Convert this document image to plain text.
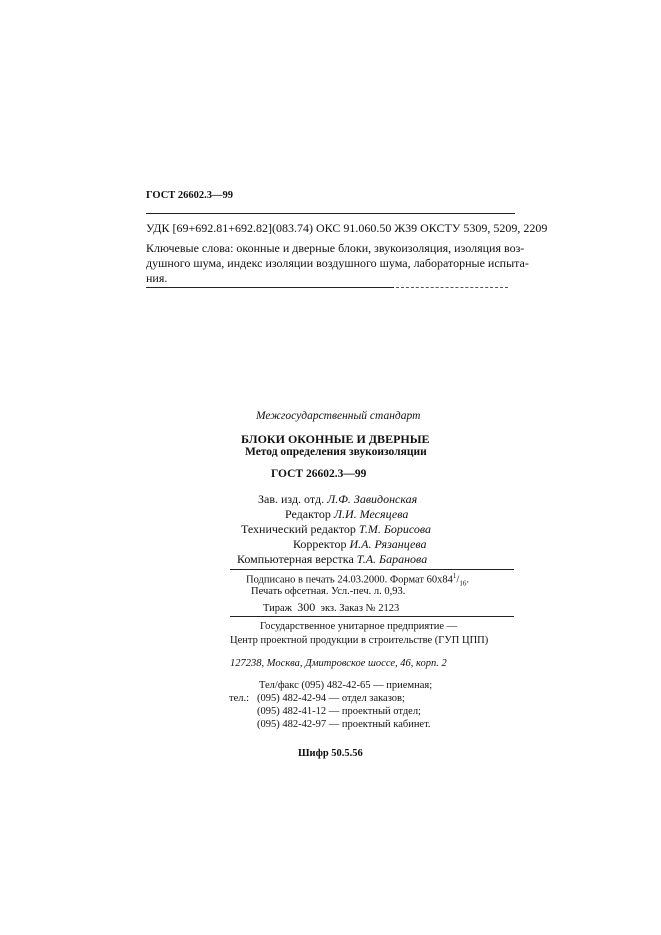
ГОСТ 26602.3—99
УДК [69+692.81+692.82](083.74) ОКС 91.060.50 Ж39 ОКСТУ 5309, 5209, 2209
Ключевые слова: оконные и дверные блоки, звукоизоляция, изоляция воз-
душного шума, индекс изоляции воздушного шума, лабораторные испыта-
ния.
Межгосударственный стандарт
БЛОКИ ОКОННЫЕ И ДВЕРНЫЕ
Метод определения звукоизоляции
ГОСТ 26602.3—99
Зав. изд. отд. Л.Ф. Завидонская
Редактор Л.И. Месяцева
Технический редактор Т.М. Борисова
Корректор И.А. Рязанцева
Компьютерная верстка Т.А. Баранова
Подписано в печать 24.03.2000. Формат $60х84^1/_{16}$.
Печать офсетная. Усл.-печ. л. 0,93.
Тираж 300 экз. Заказ № 2123
Государственное унитарное предприятие —
Центр проектной продукции в строительстве (ГУП ЦПП)
127238, Москва, Дмитровское шоссе, 46, корп. 2
Тел/факс (095) 482-42-65 — приемная;
тел.: (095) 482-42-94 — отдел заказов;
(095) 482-41-12 — проектный отдел;
(095) 482-42-97 — проектный кабинет.
Шифр 50.5.56
